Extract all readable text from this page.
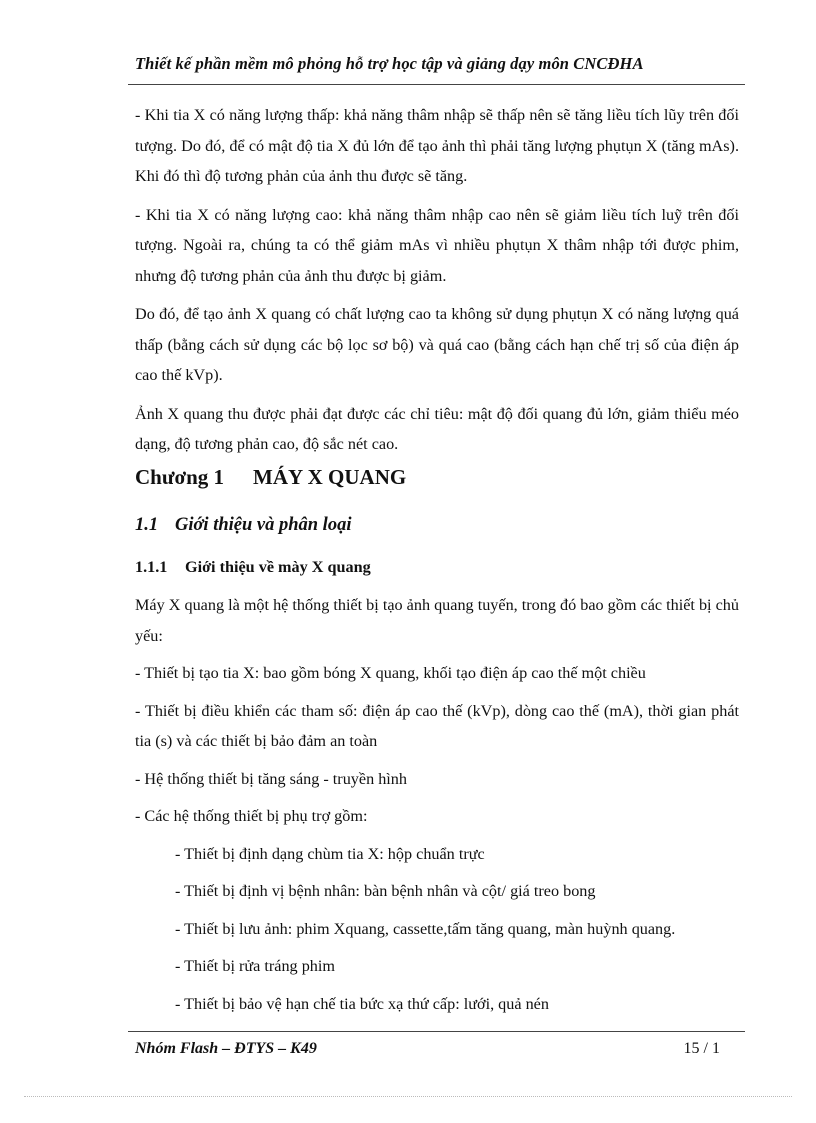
Thiết kế phần mềm mô phỏng hỗ trợ học tập và giảng dạy môn CNCĐHA

- Khi tia X có năng lượng thấp: khả năng thâm nhập sẽ thấp nên sẽ tăng liều tích lũy trên đối tượng. Do đó, để có mật độ tia X đủ lớn để tạo ảnh thì phải tăng lượng phụtụn X (tăng mAs). Khi đó thì độ tương phản của ảnh thu được sẽ tăng.

- Khi tia X có năng lượng cao: khả năng thâm nhập cao nên sẽ giảm liều tích luỹ trên đối tượng. Ngoài ra, chúng ta có thể giảm mAs vì nhiều phụtụn X thâm nhập tới được phim, nhưng độ tương phản của ảnh thu được bị giảm.

Do đó, để tạo ảnh X quang có chất lượng cao ta không sử dụng phụtụn X có năng lượng quá thấp (bằng cách sử dụng các bộ lọc sơ bộ) và quá cao (bằng cách hạn chế trị số của điện áp cao thế kVp).

Ảnh X quang thu được phải đạt được các chỉ tiêu: mật độ đối quang đủ lớn, giảm thiểu méo dạng, độ tương phản cao, độ sắc nét cao.

Chương 1 MÁY X QUANG
1.1 Giới thiệu và phân loại
1.1.1 Giới thiệu về mày X quang

Máy X quang là một hệ thống thiết bị tạo ảnh quang tuyến, trong đó bao gồm các thiết bị chủ yếu:

- Thiết bị tạo tia X: bao gồm bóng X quang, khối tạo điện áp cao thế một chiều

- Thiết bị điều khiển các tham số: điện áp cao thế (kVp), dòng cao thế (mA), thời gian phát tia (s) và các thiết bị bảo đảm an toàn

- Hệ thống thiết bị tăng sáng - truyền hình

- Các hệ thống thiết bị phụ trợ gồm:

- Thiết bị định dạng chùm tia X: hộp chuẩn trực

- Thiết bị định vị bệnh nhân: bàn bệnh nhân và cột/ giá treo bong

- Thiết bị lưu ảnh: phim Xquang, cassette,tấm tăng quang, màn huỳnh quang.

- Thiết bị rửa tráng phim

- Thiết bị bảo vệ hạn chế tia bức xạ thứ cấp: lưới, quả nén

Nhóm Flash – ĐTYS – K49	15 / 1
